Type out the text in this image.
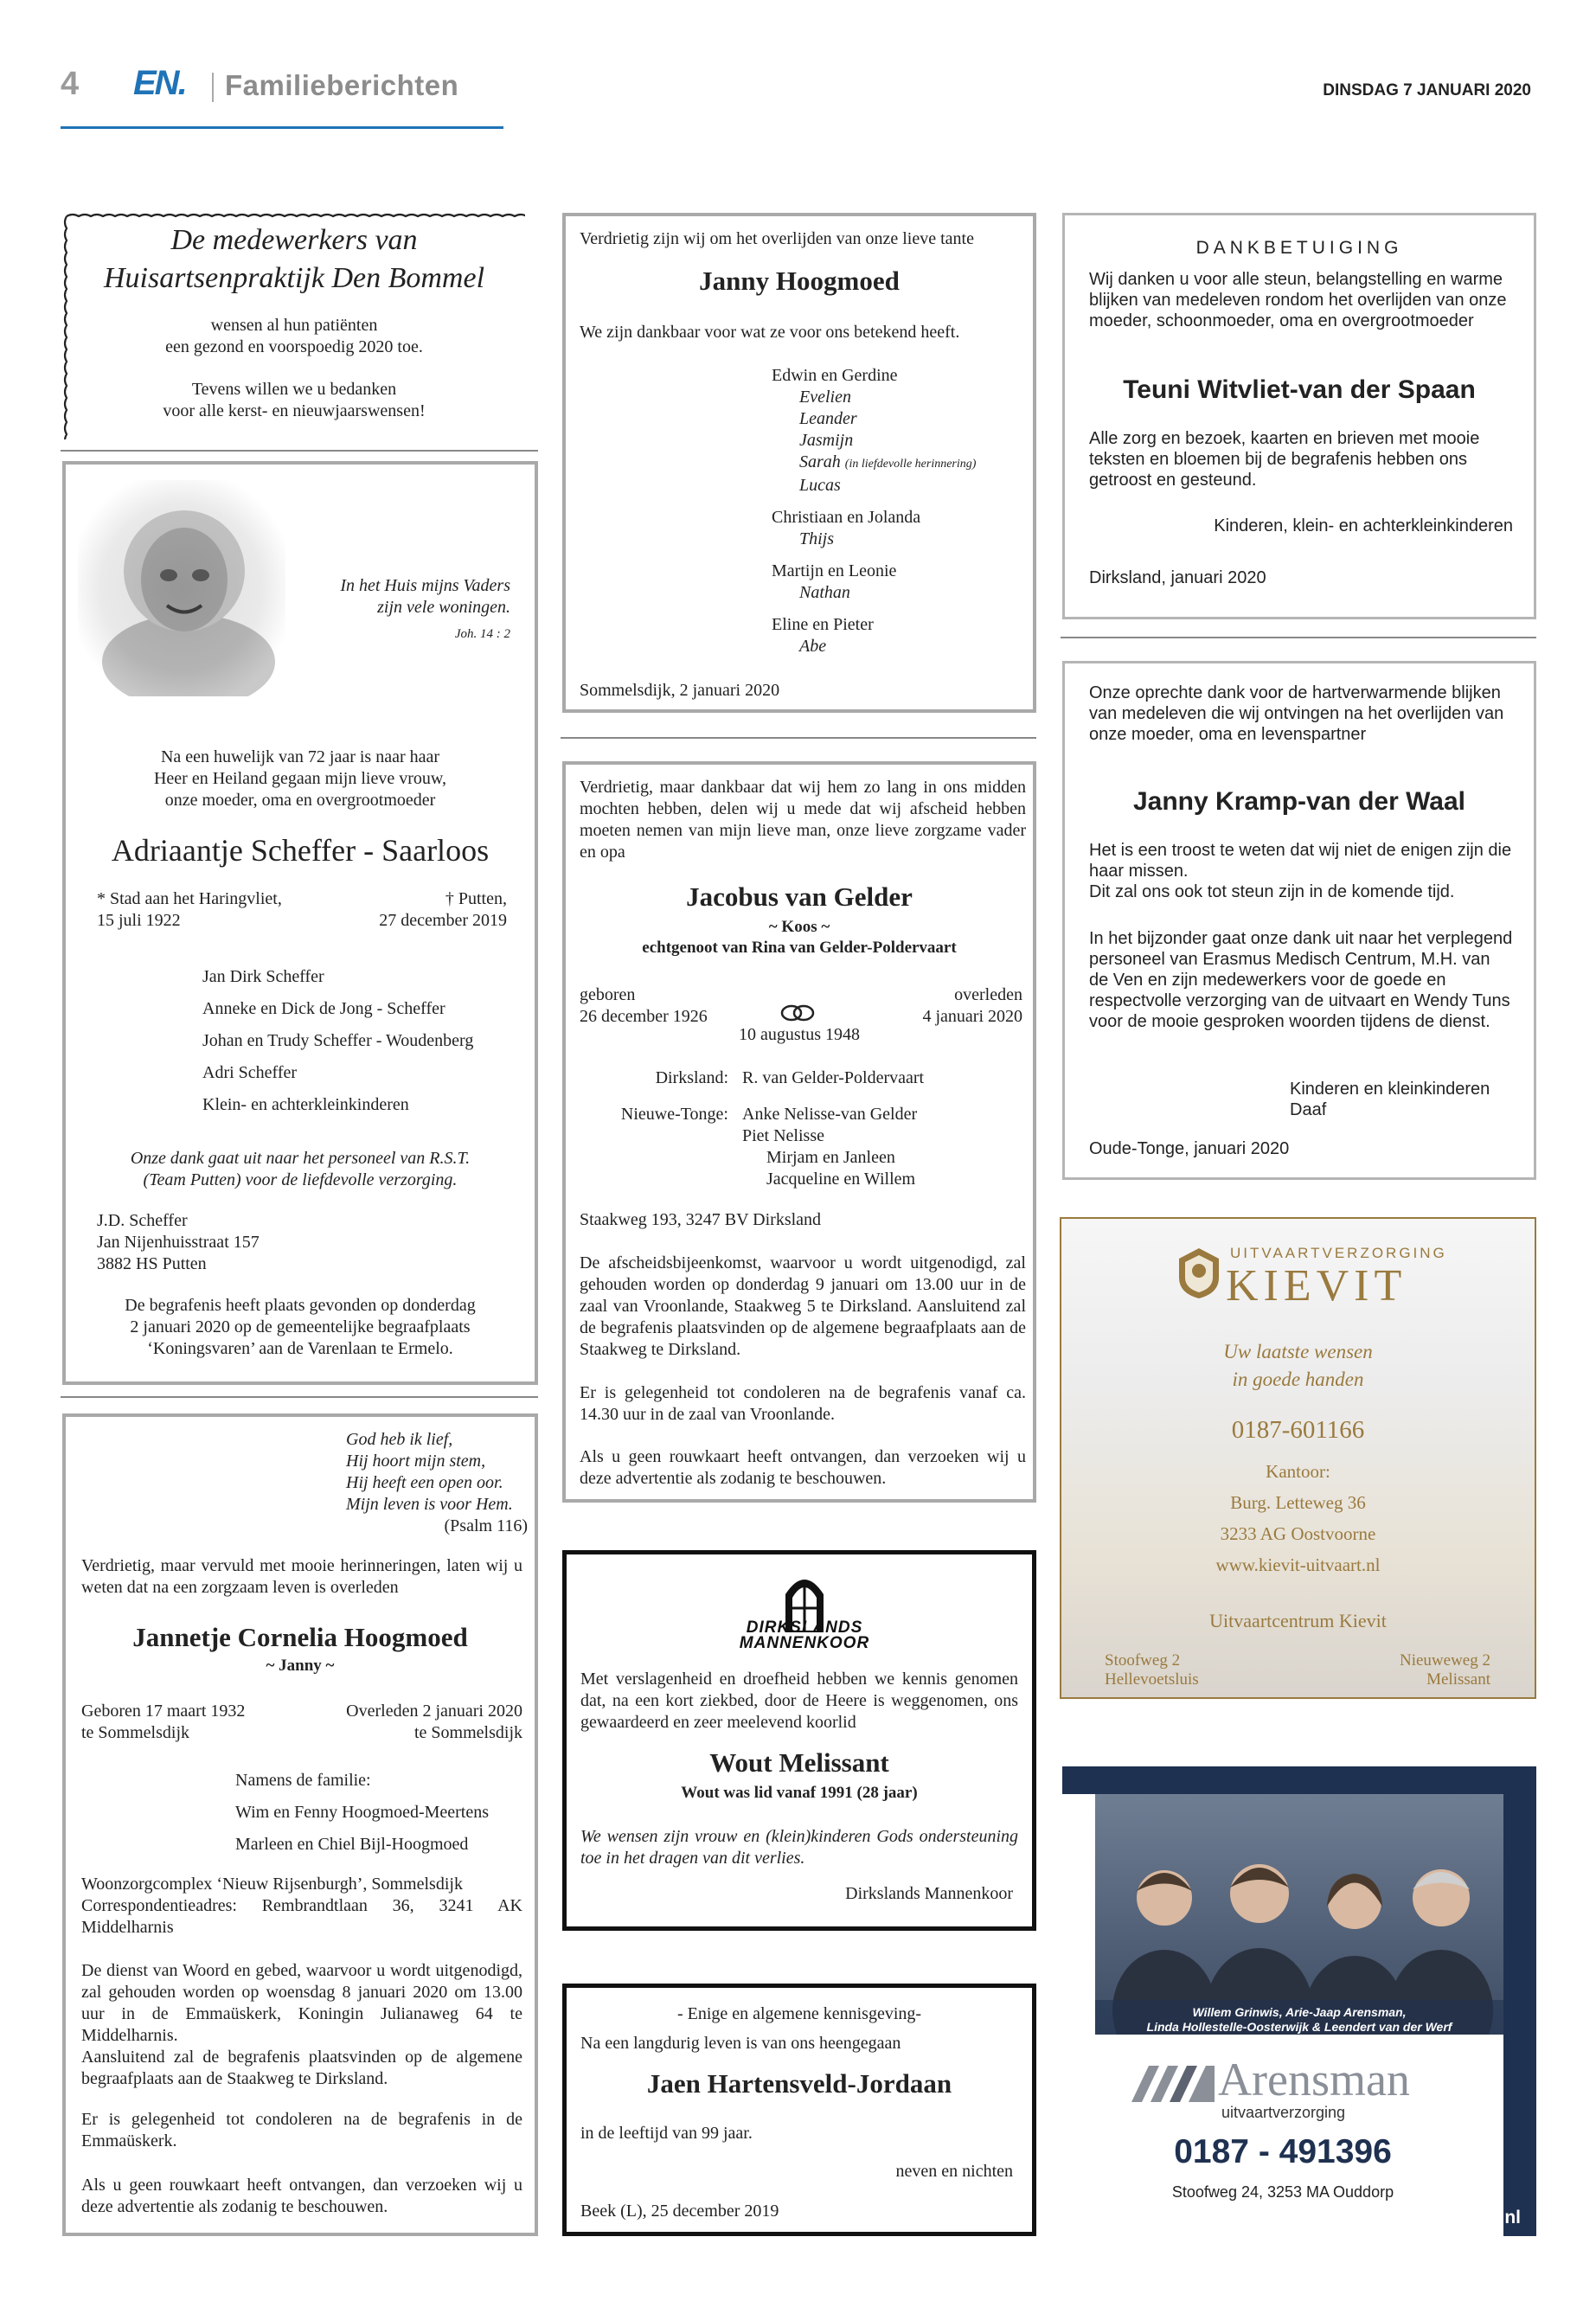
4 EN. Familieberichten	DINSDAG 7 JANUARI 2020
De medewerkers van
Huisartsenpraktijk Den Bommel
wensen al hun patiënten
een gezond en voorspoedig 2020 toe.
Tevens willen we u bedanken
voor alle kerst- en nieuwjaarswensen!
In het Huis mijns Vaders
zijn vele woningen.
Joh. 14 : 2
Na een huwelijk van 72 jaar is naar haar
Heer en Heiland gegaan mijn lieve vrouw,
onze moeder, oma en overgrootmoeder
Adriaantje Scheffer - Saarloos
* Stad aan het Haringvliet,
15 juli 1922
† Putten,
27 december 2019
Jan Dirk Scheffer
Anneke en Dick de Jong - Scheffer
Johan en Trudy Scheffer - Woudenberg
Adri Scheffer
Klein- en achterkleinkinderen
Onze dank gaat uit naar het personeel van R.S.T.
(Team Putten) voor de liefdevolle verzorging.
J.D. Scheffer
Jan Nijenhuisstraat 157
3882 HS Putten
De begrafenis heeft plaats gevonden op donderdag
2 januari 2020 op de gemeentelijke begraafplaats
‘Koningsvaren’ aan de Varenlaan te Ermelo.
God heb ik lief,
Hij hoort mijn stem,
Hij heeft een open oor.
Mijn leven is voor Hem.
(Psalm 116)

Verdrietig, maar vervuld met mooie herinneringen, laten wij u weten dat na een zorgzaam leven is overleden

Jannetje Cornelia Hoogmoed
~ Janny ~
Geboren 17 maart 1932
te Sommelsdijk
Overleden 2 januari 2020
te Sommelsdijk
Namens de familie:
Wim en Fenny Hoogmoed-Meertens
Marleen en Chiel Bijl-Hoogmoed
Woonzorgcomplex ‘Nieuw Rijsenburgh’, Sommelsdijk
Correspondentieadres: Rembrandtlaan 36, 3241 AK Middelharnis

De dienst van Woord en gebed, waarvoor u wordt uitgenodigd, zal gehouden worden op woensdag 8 januari 2020 om 13.00 uur in de Emmaüskerk, Koningin Julianaweg 64 te Middelharnis.
Aansluitend zal de begrafenis plaatsvinden op de algemene begraafplaats aan de Staakweg te Dirksland.

Er is gelegenheid tot condoleren na de begrafenis in de Emmaüskerk.

Als u geen rouwkaart heeft ontvangen, dan verzoeken wij u deze advertentie als zodanig te beschouwen.

Verdrietig zijn wij om het overlijden van onze lieve tante
Janny Hoogmoed
We zijn dankbaar voor wat ze voor ons betekend heeft.
Edwin en Gerdine
Evelien
Leander
Jasmijn
Sarah (in liefdevolle herinnering)
Lucas
Christiaan en Jolanda
Thijs
Martijn en Leonie
Nathan
Eline en Pieter
Abe
Sommelsdijk, 2 januari 2020

Verdrietig, maar dankbaar dat wij hem zo lang in ons midden mochten hebben, delen wij u mede dat wij afscheid hebben moeten nemen van mijn lieve man, onze lieve zorgzame vader en opa

Jacobus van Gelder
~ Koos ~
echtgenoot van Rina van Gelder-Poldervaart
geboren
26 december 1926
overleden
4 januari 2020
10 augustus 1948
Dirksland: R. van Gelder-Poldervaart
Nieuwe-Tonge: Anke Nelisse-van Gelder
Piet Nelisse
Mirjam en Janleen
Jacqueline en Willem
Staakweg 193, 3247 BV Dirksland

De afscheidsbijeenkomst, waarvoor u wordt uitgenodigd, zal gehouden worden op donderdag 9 januari om 13.00 uur in de zaal van Vroonlande, Staakweg 5 te Dirksland. Aansluitend zal de begrafenis plaatsvinden op de algemene begraafplaats aan de Staakweg te Dirksland.

Er is gelegenheid tot condoleren na de begrafenis vanaf ca. 14.30 uur in de zaal van Vroonlande.

Als u geen rouwkaart heeft ontvangen, dan verzoeken wij u deze advertentie als zodanig te beschouwen.

DIRKSLANDS
MANNENKOOR

Met verslagenheid en droefheid hebben we kennis genomen dat, na een kort ziekbed, door de Heere is weggenomen, ons gewaardeerd en zeer meelevend koorlid

Wout Melissant
Wout was lid vanaf 1991 (28 jaar)

We wensen zijn vrouw en (klein)kinderen Gods ondersteuning toe in het dragen van dit verlies.

Dirkslands Mannenkoor
- Enige en algemene kennisgeving-
Na een langdurig leven is van ons heengegaan
Jaen Hartensveld-Jordaan
in de leeftijd van 99 jaar.
neven en nichten
Beek (L), 25 december 2019
DANKBETUIGING

Wij danken u voor alle steun, belangstelling en warme blijken van medeleven rondom het overlijden van onze moeder, schoonmoeder, oma en overgrootmoeder

Teuni Witvliet-van der Spaan

Alle zorg en bezoek, kaarten en brieven met mooie teksten en bloemen bij de begrafenis hebben ons getroost en gesteund.

Kinderen, klein- en achterkleinkinderen
Dirksland, januari 2020

Onze oprechte dank voor de hartverwarmende blijken van medeleven die wij ontvingen na het overlijden van onze moeder, oma en levenspartner

Janny Kramp-van der Waal
Het is een troost te weten dat wij niet de enigen zijn die haar missen.
Dit zal ons ook tot steun zijn in de komende tijd.

In het bijzonder gaat onze dank uit naar het verplegend personeel van Erasmus Medisch Centrum, M.H. van de Ven en zijn medewerkers voor de goede en respectvolle verzorging van de uitvaart en Wendy Tuns voor de mooie gesproken woorden tijdens de dienst.

Kinderen en kleinkinderen
Daaf
Oude-Tonge, januari 2020
UITVAARTVERZORGING
KIEVIT
Uw laatste wensen
in goede handen
0187-601166
Kantoor:
Burg. Letteweg 36
3233 AG Oostvoorne
www.kievit-uitvaart.nl
Uitvaartcentrum Kievit
Stoofweg 2
Hellevoetsluis
Nieuweweg 2
Melissant
Willem Grinwis, Arie-Jaap Arensman,
Linda Hollestelle-Oosterwijk & Leendert van der Werf
Arensman
uitvaartverzorging
0187 - 491396
Stoofweg 24, 3253 MA Ouddorp
www.arensmanuitvaart.nl
